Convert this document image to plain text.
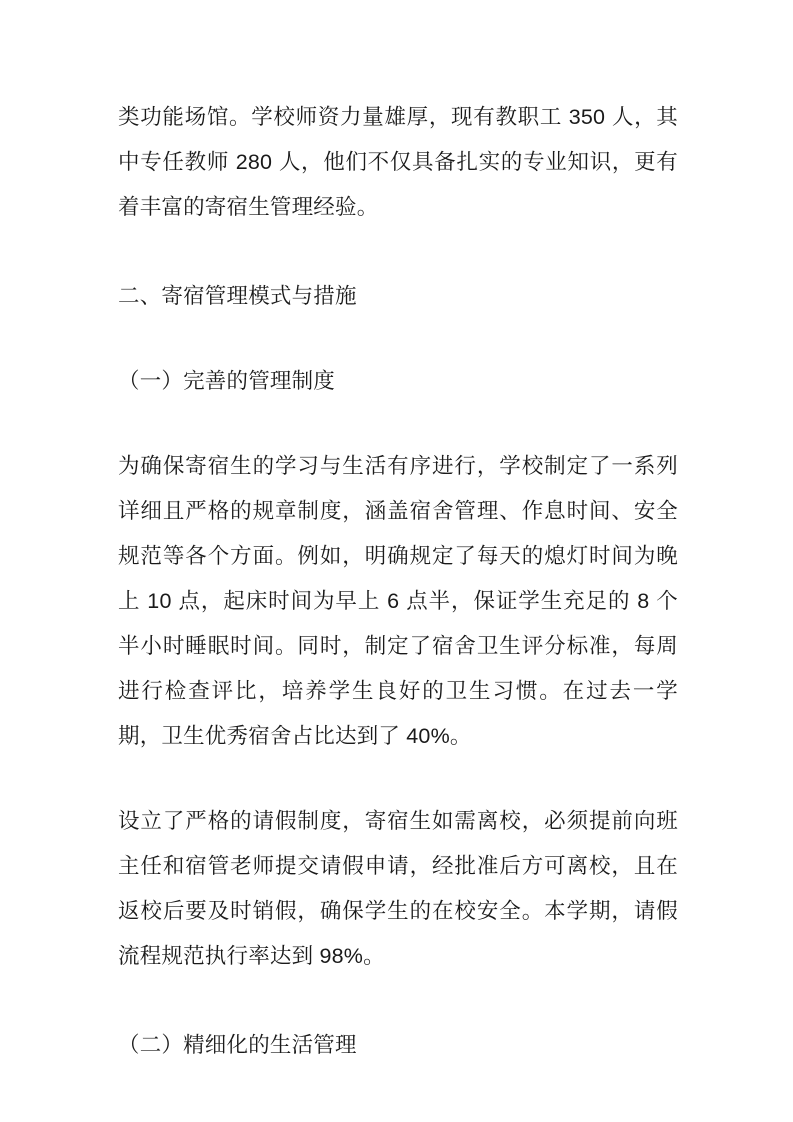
类功能场馆。学校师资力量雄厚，现有教职工 350 人，其中专任教师 280 人，他们不仅具备扎实的专业知识，更有着丰富的寄宿生管理经验。

二、寄宿管理模式与措施

（一）完善的管理制度

为确保寄宿生的学习与生活有序进行，学校制定了一系列详细且严格的规章制度，涵盖宿舍管理、作息时间、安全规范等各个方面。例如，明确规定了每天的熄灯时间为晚上 10 点，起床时间为早上 6 点半，保证学生充足的 8 个半小时睡眠时间。同时，制定了宿舍卫生评分标准，每周进行检查评比，培养学生良好的卫生习惯。在过去一学期，卫生优秀宿舍占比达到了 40%。

设立了严格的请假制度，寄宿生如需离校，必须提前向班主任和宿管老师提交请假申请，经批准后方可离校，且在返校后要及时销假，确保学生的在校安全。本学期，请假流程规范执行率达到 98%。

（二）精细化的生活管理
